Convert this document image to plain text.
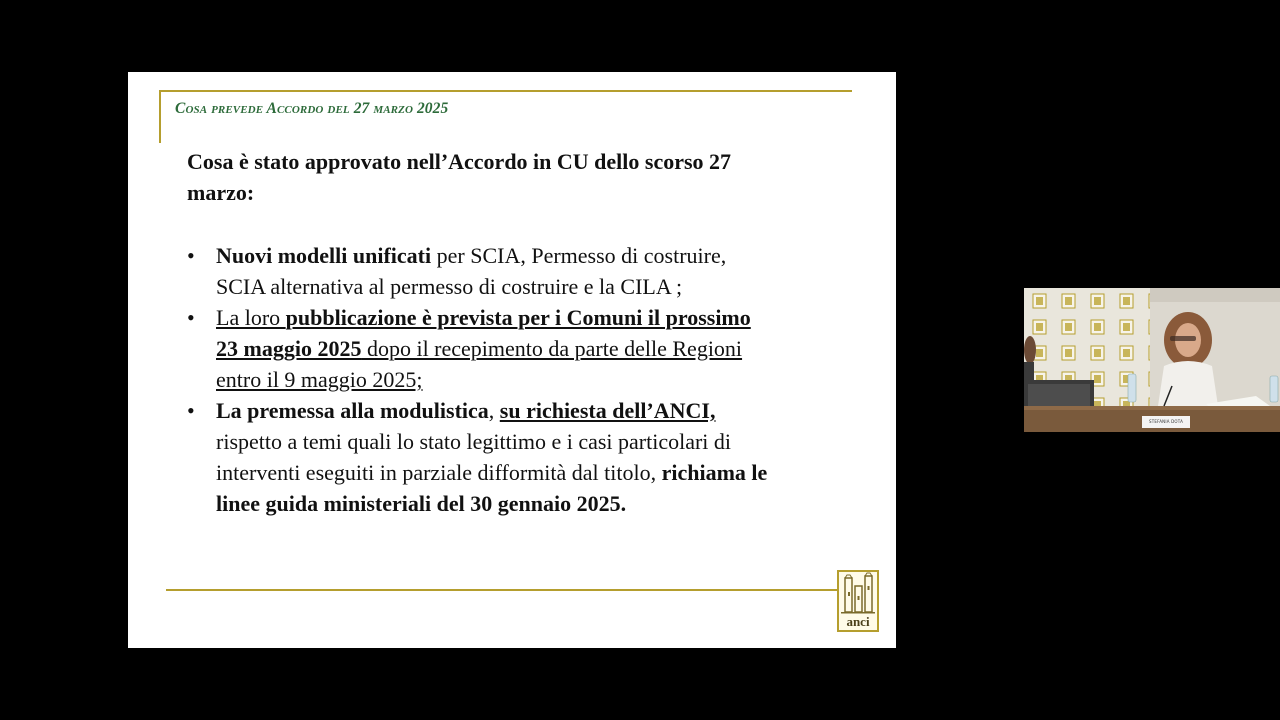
Cosa prevede Accordo del 27 marzo 2025

Cosa è stato approvato nell’Accordo in CU dello scorso 27
marzo:

• Nuovi modelli unificati per SCIA, Permesso di costruire,
SCIA alternativa al permesso di costruire e la CILA ;
• La loro pubblicazione è prevista per i Comuni il prossimo
23 maggio 2025 dopo il recepimento da parte delle Regioni
entro il 9 maggio 2025;
• La premessa alla modulistica, su richiesta dell’ANCI,
rispetto a temi quali lo stato legittimo e i casi particolari di
interventi eseguiti in parziale difformità dal titolo, richiama le
linee guida ministeriali del 30 gennaio 2025.
anci
STEFANIA DOTA
